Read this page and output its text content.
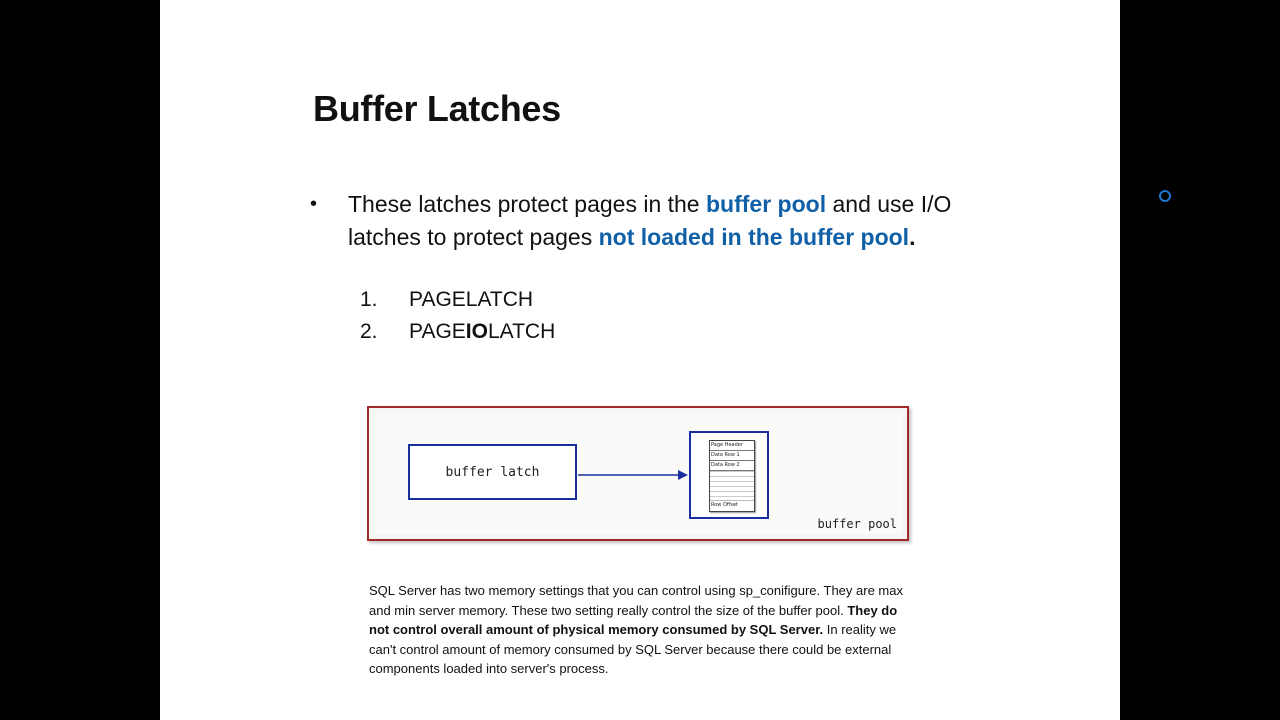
Buffer Latches
• These latches protect pages in the buffer pool and use I/O latches to protect pages not loaded in the buffer pool.
1.	PAGELATCH
2.	PAGEIOLATCH
buffer latch
Page Header
Data Row 1
Data Row 2
Row Offset
buffer pool
SQL Server has two memory settings that you can control using sp_conifigure. They are max and min server memory. These two setting really control the size of the buffer pool. They do not control overall amount of physical memory consumed by SQL Server. In reality we can't control amount of memory consumed by SQL Server because there could be external components loaded into server's process.
